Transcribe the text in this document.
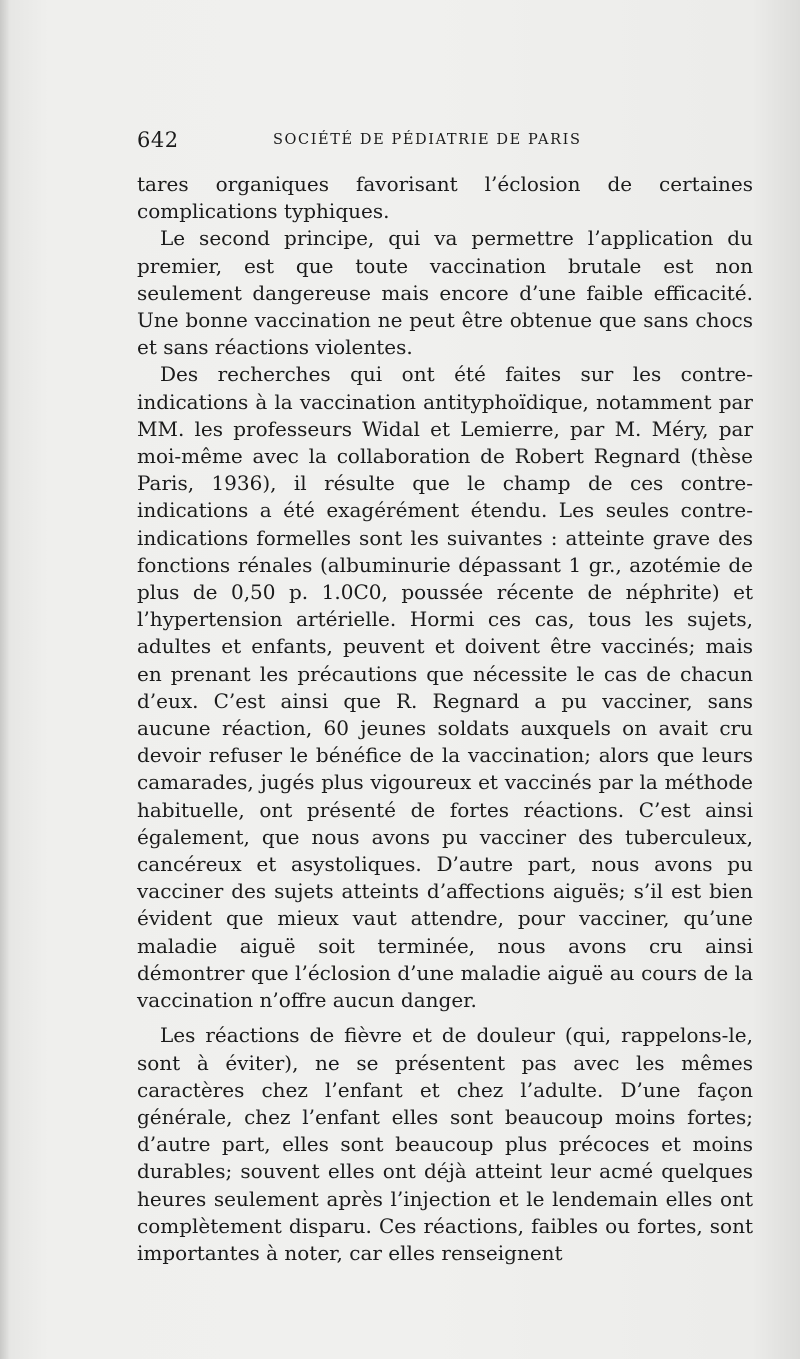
642	SOCIÉTÉ DE PÉDIATRIE DE PARIS

tares organiques favorisant l’éclosion de certaines complications typhiques.

Le second principe, qui va permettre l’application du premier, est que toute vaccination brutale est non seulement dangereuse mais encore d’une faible efficacité. Une bonne vaccination ne peut être obtenue que sans chocs et sans réactions violentes.

Des recherches qui ont été faites sur les contre-indications à la vaccination antityphoïdique, notamment par MM. les professeurs Widal et Lemierre, par M. Méry, par moi-même avec la collaboration de Robert Regnard (thèse Paris, 1936), il résulte que le champ de ces contre-indications a été exagérément étendu. Les seules contre-indications formelles sont les suivantes : atteinte grave des fonctions rénales (albuminurie dépassant 1 gr., azotémie de plus de 0,50 p. 1.0C0, poussée récente de néphrite) et l’hypertension artérielle. Hormi ces cas, tous les sujets, adultes et enfants, peuvent et doivent être vaccinés; mais en prenant les précautions que nécessite le cas de chacun d’eux. C’est ainsi que R. Regnard a pu vacciner, sans aucune réaction, 60 jeunes soldats auxquels on avait cru devoir refuser le bénéfice de la vaccination; alors que leurs camarades, jugés plus vigoureux et vaccinés par la méthode habituelle, ont présenté de fortes réactions. C’est ainsi également, que nous avons pu vacciner des tuberculeux, cancéreux et asystoliques. D’autre part, nous avons pu vacciner des sujets atteints d’affections aiguës; s’il est bien évident que mieux vaut attendre, pour vacciner, qu’une maladie aiguë soit terminée, nous avons cru ainsi démontrer que l’éclosion d’une maladie aiguë au cours de la vaccination n’offre aucun danger.

Les réactions de fièvre et de douleur (qui, rappelons-le, sont à éviter), ne se présentent pas avec les mêmes caractères chez l’enfant et chez l’adulte. D’une façon générale, chez l’enfant elles sont beaucoup moins fortes; d’autre part, elles sont beaucoup plus précoces et moins durables; souvent elles ont déjà atteint leur acmé quelques heures seulement après l’injection et le lendemain elles ont complètement disparu. Ces réactions, faibles ou fortes, sont importantes à noter, car elles renseignent
